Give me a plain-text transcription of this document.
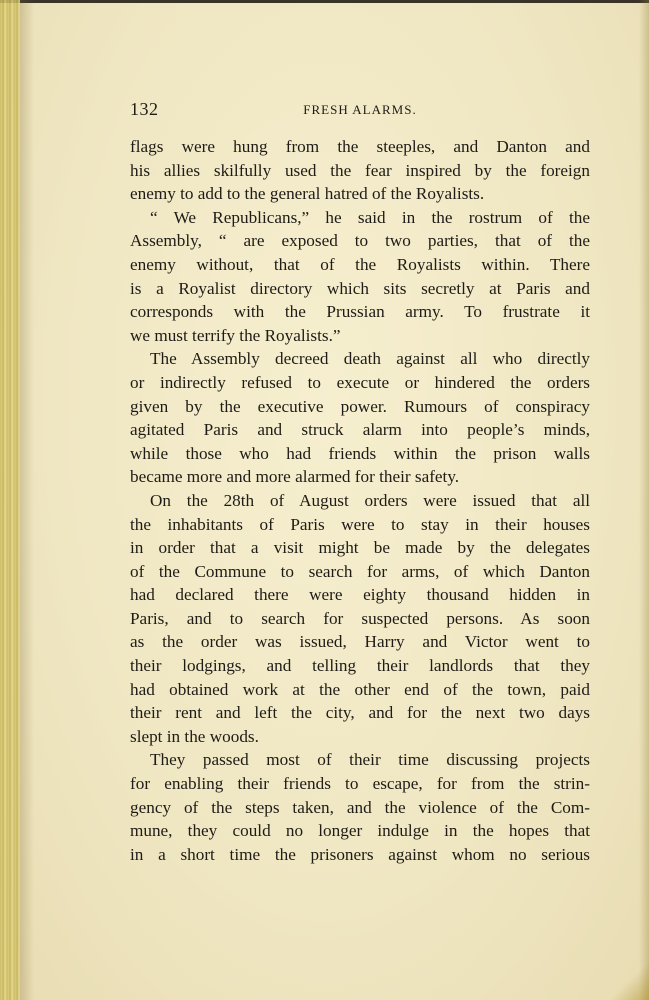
132	FRESH ALARMS.
flags were hung from the steeples, and Danton and
his allies skilfully used the fear inspired by the foreign
enemy to add to the general hatred of the Royalists.
“ We Republicans,” he said in the rostrum of the
Assembly, “ are exposed to two parties, that of the
enemy without, that of the Royalists within. There
is a Royalist directory which sits secretly at Paris and
corresponds with the Prussian army. To frustrate it
we must terrify the Royalists.”
The Assembly decreed death against all who directly
or indirectly refused to execute or hindered the orders
given by the executive power. Rumours of conspiracy
agitated Paris and struck alarm into people’s minds,
while those who had friends within the prison walls
became more and more alarmed for their safety.
On the 28th of August orders were issued that all
the inhabitants of Paris were to stay in their houses
in order that a visit might be made by the delegates
of the Commune to search for arms, of which Danton
had declared there were eighty thousand hidden in
Paris, and to search for suspected persons. As soon
as the order was issued, Harry and Victor went to
their lodgings, and telling their landlords that they
had obtained work at the other end of the town, paid
their rent and left the city, and for the next two days
slept in the woods.
They passed most of their time discussing projects
for enabling their friends to escape, for from the strin-
gency of the steps taken, and the violence of the Com-
mune, they could no longer indulge in the hopes that
in a short time the prisoners against whom no serious
